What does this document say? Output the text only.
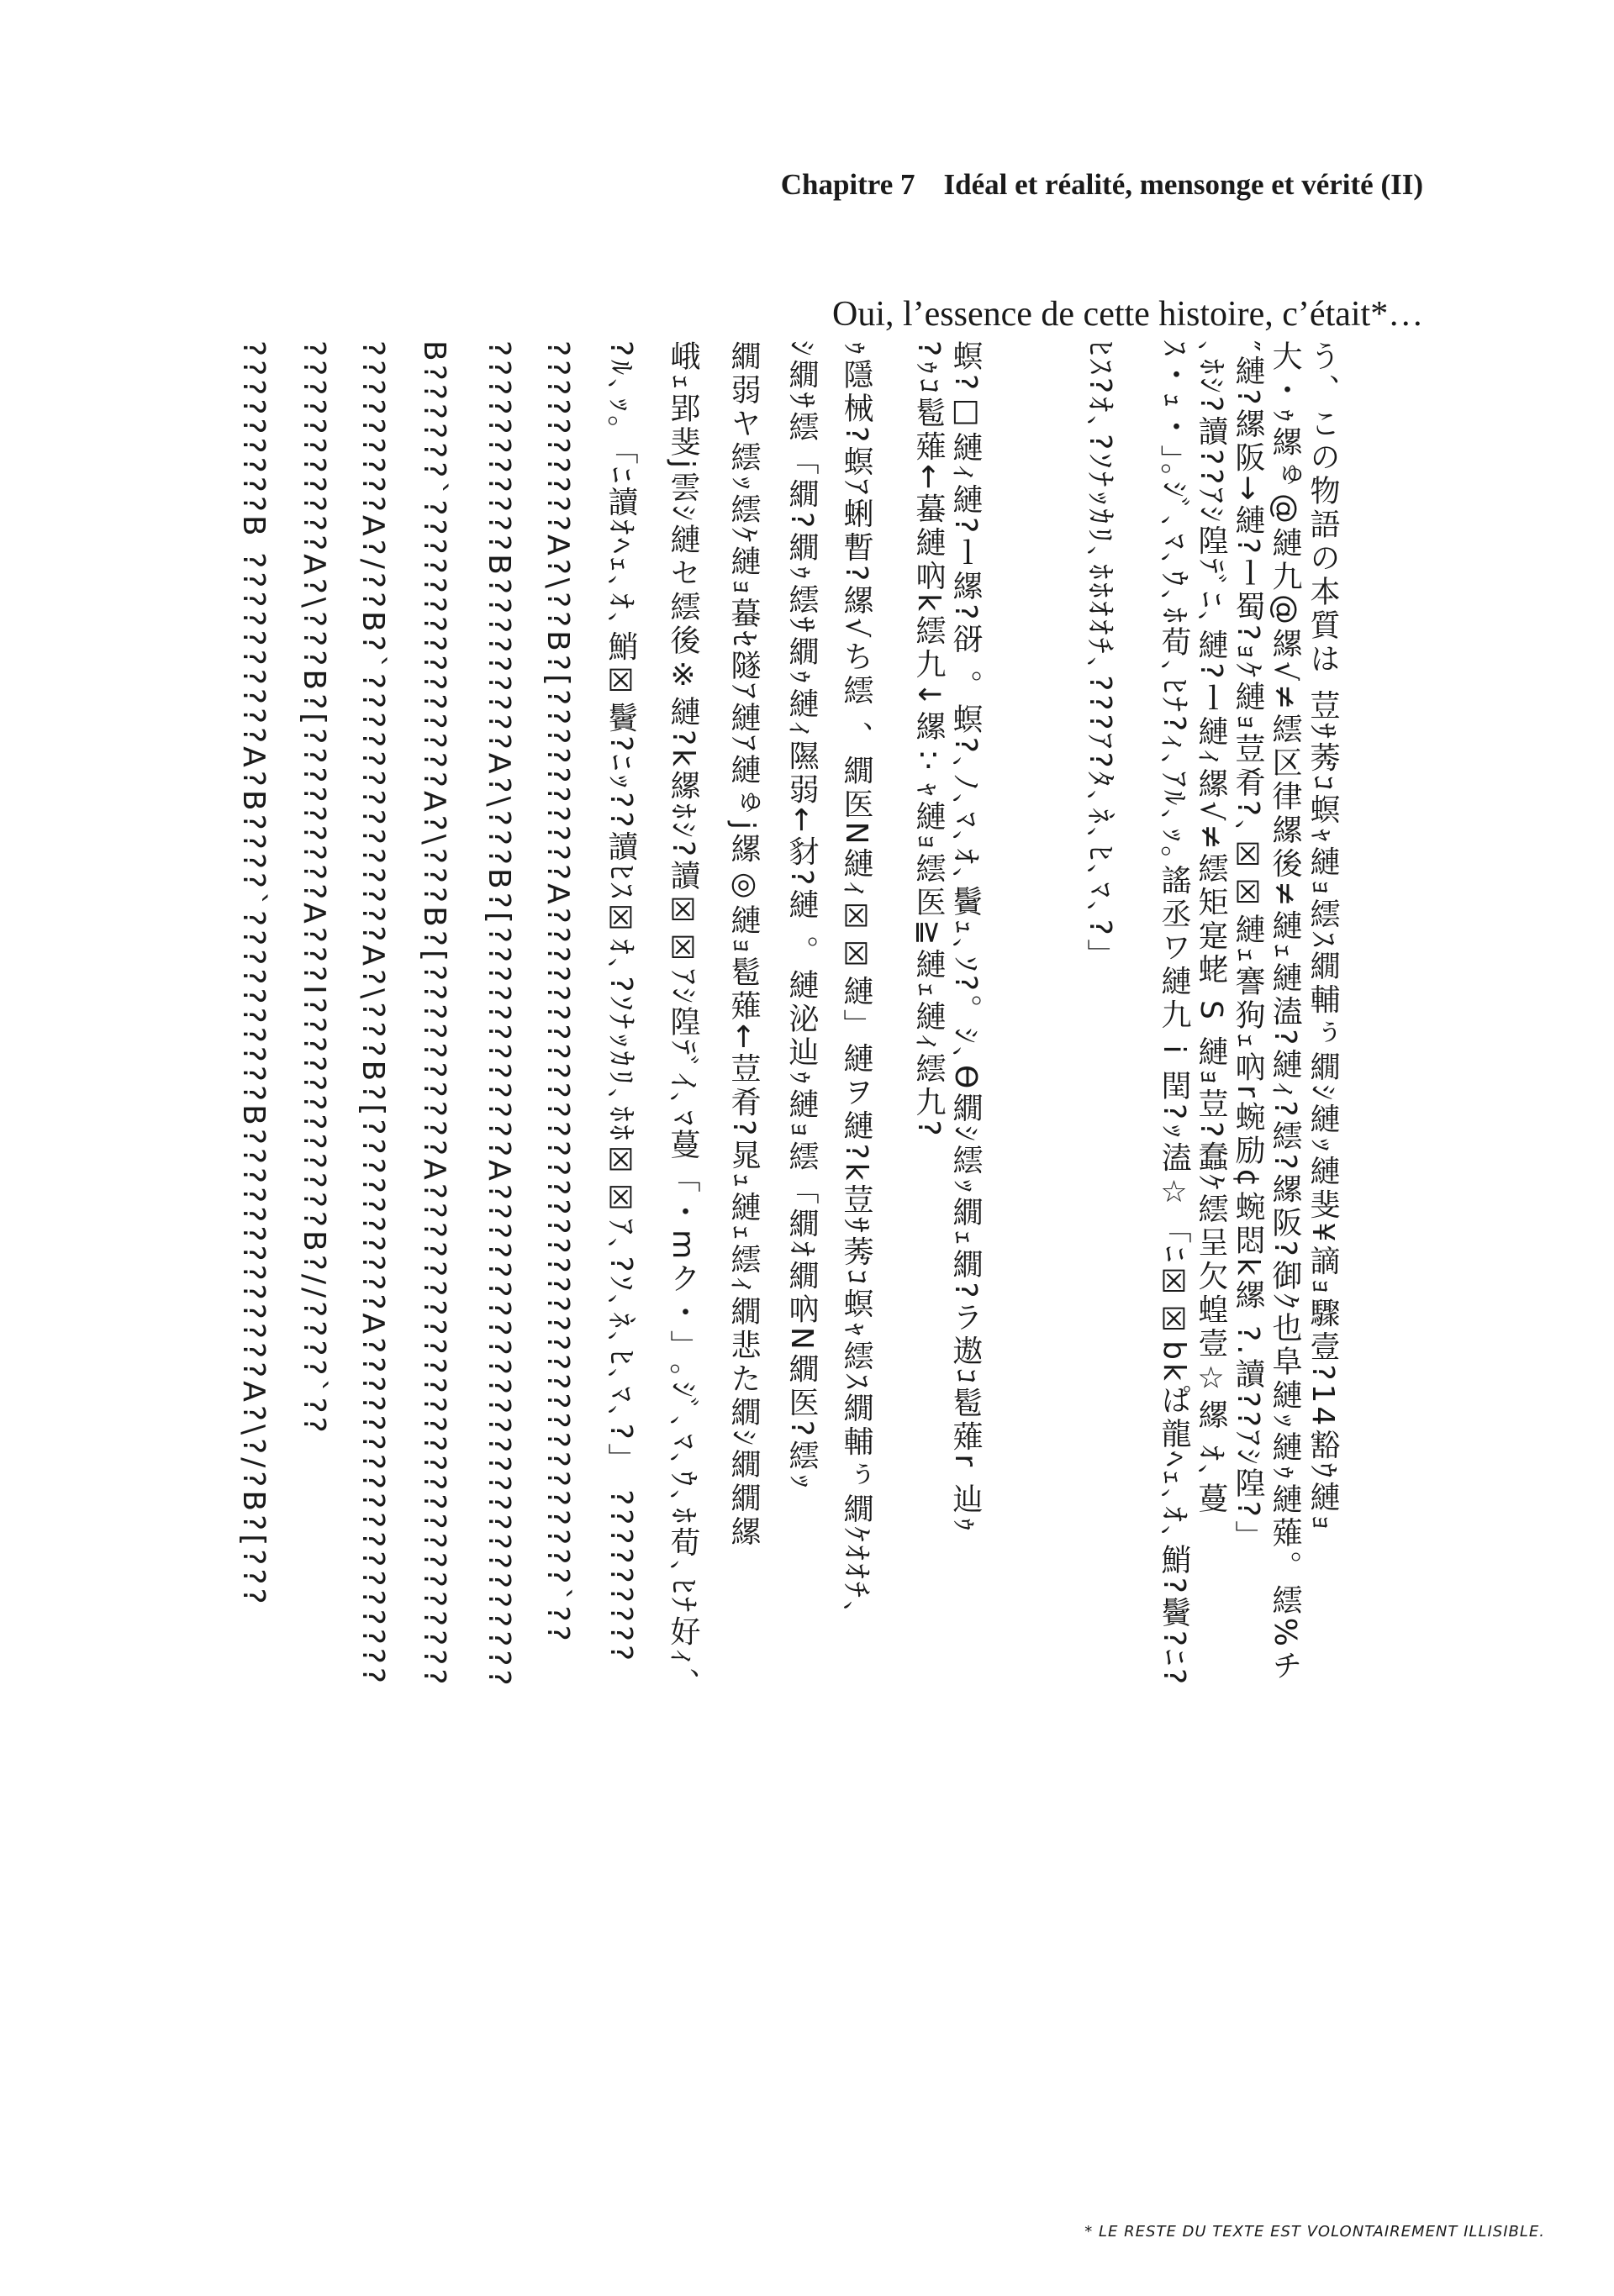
Chapitre 7 Idéal et réalité, mensonge et vérité (II)
Oui, l’essence de cette histoire, c’était*…
う、この物語の本質は 荳ｻ莠ｺ螟ｬ縺ｮ繧ｽ繝輔ぅ繝ｼ縺ｯ縺斐¥謫ｮ驟壹?14豁ｳ縺ｮ
大・ｩ縲ゅ@縺九@縲√≠繧区律縲後≠縺ｪ縺溘?縺ｨ?繧?縲阪?御ｸ也阜縺ｯ縺ｩ縺薙。繧%チ
″縺?縲阪→縺?ｌ蜀?ｮｹ縺ｮ荳肴?､☒☒縺ｪ謇狗ｪ吶r蜿励¢蜿悶k縲 ?.讀??ｱｼ隍?」
､ﾎｼ?讀??ｱｼ隍ﾃﾞﾆ､縺?ｌ縺ｨ縲√≠繧矩寔蛯 S 縺ｮ荳?蠢ｹ繧呈欠蝗壹☆縲 ｵ､蔓
ｽ・ｭ・｣｡ｼﾞ､ﾏ､ｳ､ﾎ荀､ﾋﾅ?ｨ､ｱﾙ､ｯ｡謠丞ワ縺九 i 閏?ｯ溘☆「ﾆ☒☒bkぱ龍ﾍｪ､ｵ､鮹?鬢?ﾆ?
ﾋｽ?ｵ､?ｿﾅｯｶﾘ､ﾎﾎｵｵﾁ､???ｱ?ﾀ､ﾈ､ﾋ､ﾏ､?」
螟?□縺ｨ縺?ｌ縲?谺 。螟?､ﾉ､ﾏ､ｵ､鬢ｭ､ｿ?。ｼ､ϴ繝ｼ繧ｯ繝ｪ繝?ラ遨ｺ髱薙r 辿ｩ
?ｩｺ髱薙←蟇縺吶k繧九↓縲∵ｬ縺ｮ繧医≧縺ｪ縺ｨ繧九?
ｩ隱械?螟ｱ蜊暫?縲√ち繧 、繝医N縺ｨ☒☒縺」縺ヲ縺?k荳ｻ莠ｺ螟ｬ繧ｽ繝輔ぅ繝ｹｵｵﾁ､
ｼ繝ｻ繧「繝?繝ｩ繧ｻ繝ｩ縺ｨ隰弱←豺?縺 。縺泌辿ｩ縺ｮ繧「繝ｵ繝吶N繝医?繧ｯ
繝弱ヤ繧ｯ繧ｹ縺ｮ蟇ｾ隧ｱ縺ｱ縺ゅj縲◎縺ｮ髱薙←荳肴?晁ｭ縺ｪ繧ｨ繝悲た繝ｼ繝繝縲
峨ｪ郢斐j雲ｼ縺セ繧後※縺?k縲ﾎｼ?讀☒☒ｱｼ隍ﾃﾞｲ､ﾏ蔓「・mク・」｡ｼﾞ､ﾏ､ｳ､ﾎ荀､ﾋﾅ好ｨ、
?ﾙ､ｯ｡「ﾆ讀ｵﾍｪ､ｵ､鮹☒鬢?ﾆｯ??讀ﾋｽ☒ｵ､?ｿﾅｯｶﾘ､ﾎﾎ☒☒ｱ､?ｿ､ﾈ､ﾋ､ﾏ､?」 ?????????
??????????A?\??B?[??????????A???????????????????????????????????`??
???????????B?????????A?\???B?[????????????A??????????????????????????
B??????`???????????????A?\???B?[??????????A??????????????????????????
?????????A?/??B?`??????????????A?\???B?[??????????A??????????????????
???????????A?\???B?[?????????A???I????????????B?//????`??
?????????B ??????????A?B????`??????????B?????????????A?\?/?B?[???
* LE RESTE DU TEXTE EST VOLONTAIREMENT ILLISIBLE.
